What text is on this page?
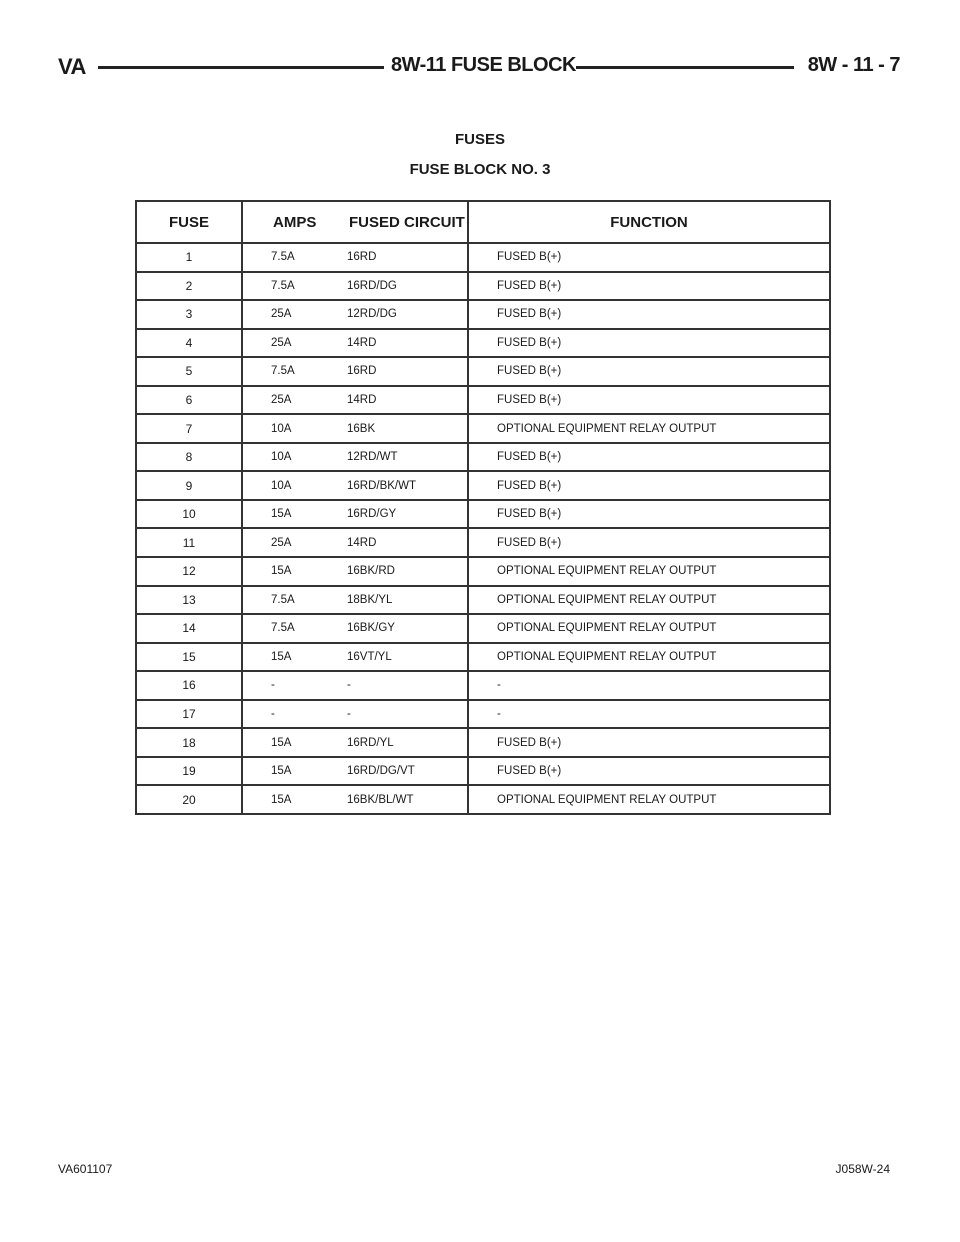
VA	8W-11 FUSE BLOCK	8W - 11 - 7
FUSES
FUSE BLOCK NO. 3
FUSE	AMPS	FUSED CIRCUIT	FUNCTION
1	7.5A	16RD	FUSED B(+)
2	7.5A	16RD/DG	FUSED B(+)
3	25A	12RD/DG	FUSED B(+)
4	25A	14RD	FUSED B(+)
5	7.5A	16RD	FUSED B(+)
6	25A	14RD	FUSED B(+)
7	10A	16BK	OPTIONAL EQUIPMENT RELAY OUTPUT
8	10A	12RD/WT	FUSED B(+)
9	10A	16RD/BK/WT	FUSED B(+)
10	15A	16RD/GY	FUSED B(+)
11	25A	14RD	FUSED B(+)
12	15A	16BK/RD	OPTIONAL EQUIPMENT RELAY OUTPUT
13	7.5A	18BK/YL	OPTIONAL EQUIPMENT RELAY OUTPUT
14	7.5A	16BK/GY	OPTIONAL EQUIPMENT RELAY OUTPUT
15	15A	16VT/YL	OPTIONAL EQUIPMENT RELAY OUTPUT
16	-	-	-
17	-	-	-
18	15A	16RD/YL	FUSED B(+)
19	15A	16RD/DG/VT	FUSED B(+)
20	15A	16BK/BL/WT	OPTIONAL EQUIPMENT RELAY OUTPUT
VA601107	J058W-24
